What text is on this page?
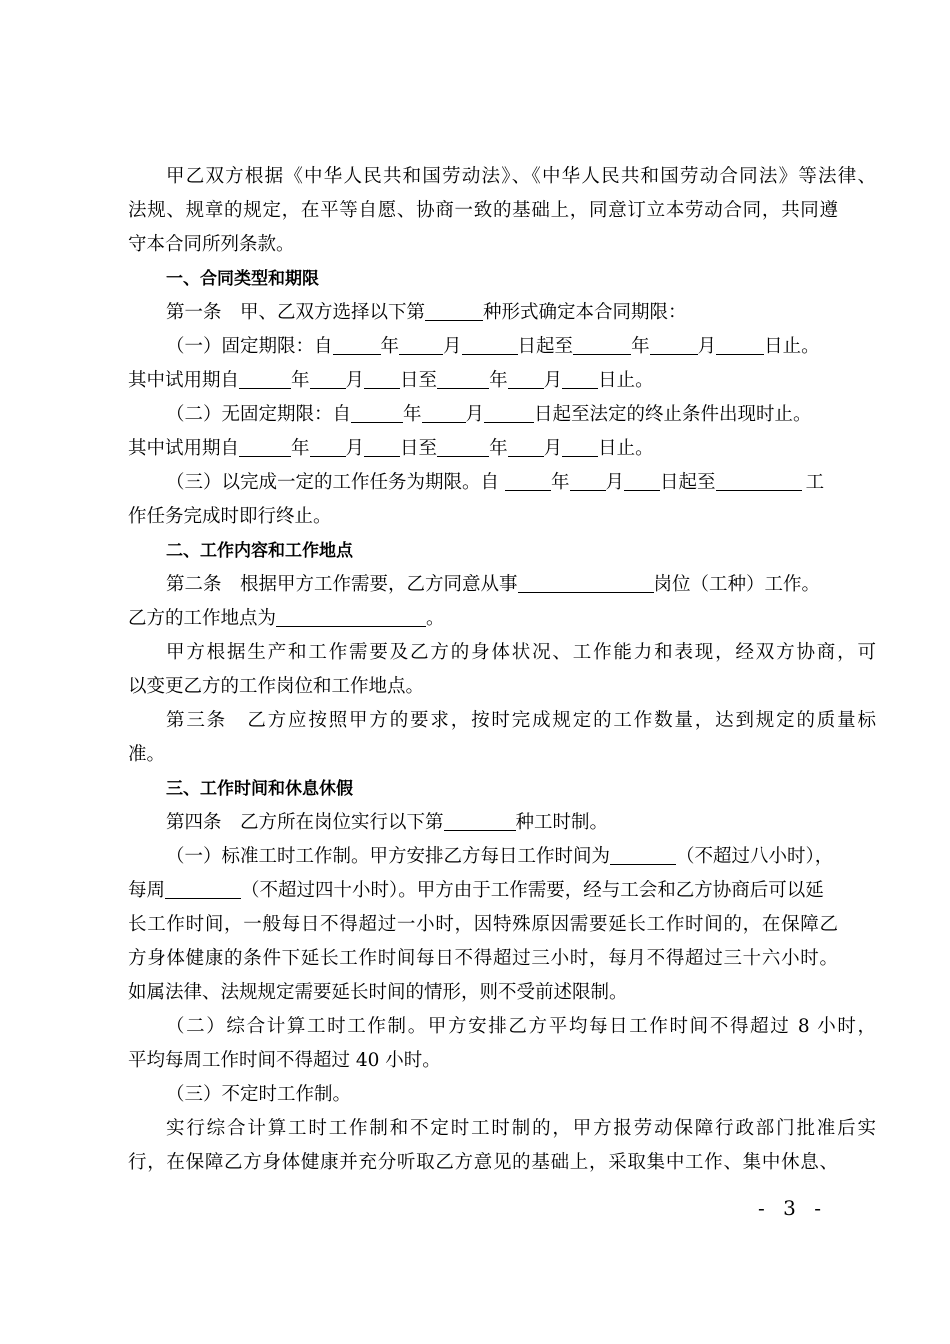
甲乙双方根据《中华人民共和国劳动法》、《中华人民共和国劳动合同法》等法律、
法规、规章的规定，在平等自愿、协商一致的基础上，同意订立本劳动合同，共同遵
守本合同所列条款。
一、合同类型和期限
第一条　甲、乙双方选择以下第	种形式确定本合同期限：
（一）固定期限：自	年 月	日起至	年	月	日止。
其中试用期自	年 月 日至	年 月 日止。
（二）无固定期限：自	年 月	日起至法定的终止条件出现时止。
其中试用期自	年 月 日至	年 月 日止。
（三）以完成一定的工作任务为期限。自	年 月 日起至	工
作任务完成时即行终止。
二、工作内容和工作地点
第二条　根据甲方工作需要，乙方同意从事	岗位（工种）工作。
乙方的工作地点为	。
甲方根据生产和工作需要及乙方的身体状况、工作能力和表现，经双方协商，可
以变更乙方的工作岗位和工作地点。
第三条　乙方应按照甲方的要求，按时完成规定的工作数量，达到规定的质量标
准。
三、工作时间和休息休假
第四条　乙方所在岗位实行以下第	种工时制。
（一）标准工时工作制。甲方安排乙方每日工作时间为	（不超过八小时），
每周	（不超过四十小时）。甲方由于工作需要，经与工会和乙方协商后可以延
长工作时间，一般每日不得超过一小时，因特殊原因需要延长工作时间的，在保障乙
方身体健康的条件下延长工作时间每日不得超过三小时，每月不得超过三十六小时。
如属法律、法规规定需要延长时间的情形，则不受前述限制。
（二）综合计算工时工作制。甲方安排乙方平均每日工作时间不得超过 8 小时，
平均每周工作时间不得超过 40 小时。
（三）不定时工作制。
实行综合计算工时工作制和不定时工时制的，甲方报劳动保障行政部门批准后实
行，在保障乙方身体健康并充分听取乙方意见的基础上，采取集中工作、集中休息、
- 3 -
